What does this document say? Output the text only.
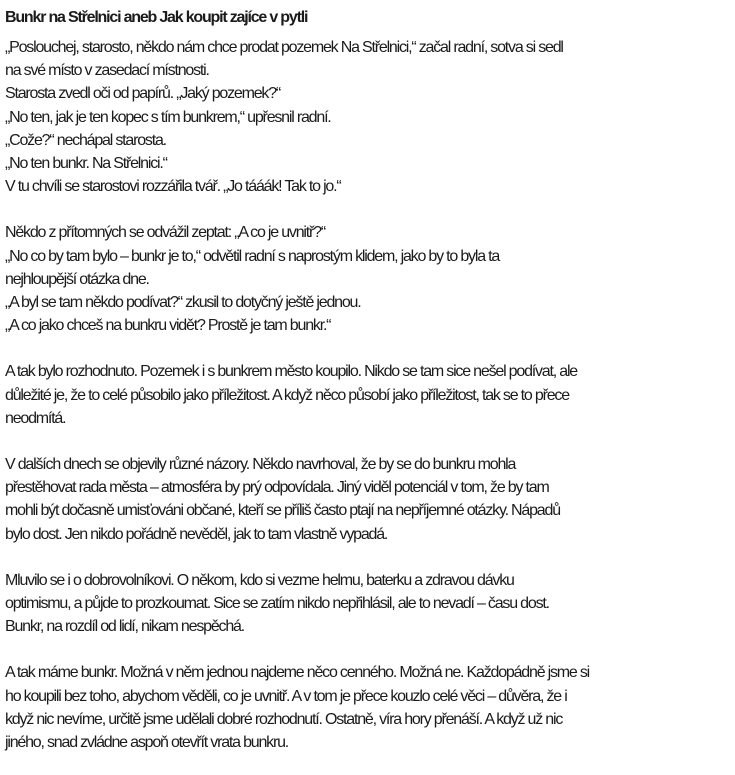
Bunkr na Střelnici aneb Jak koupit zajíce v pytli
„Poslouchej, starosto, někdo nám chce prodat pozemek Na Střelnici,“ začal radní, sotva si sedl
na své místo v zasedací místnosti.
Starosta zvedl oči od papírů. „Jaký pozemek?“
„No ten, jak je ten kopec s tím bunkrem,“ upřesnil radní.
„Cože?“ nechápal starosta.
„No ten bunkr. Na Střelnici.“
V tu chvíli se starostovi rozzářila tvář. „Jo tááák! Tak to jo.“
Někdo z přítomných se odvážil zeptat: „A co je uvnitř?“
„No co by tam bylo – bunkr je to,“ odvětil radní s naprostým klidem, jako by to byla ta
nejhloupější otázka dne.
„A byl se tam někdo podívat?“ zkusil to dotyčný ještě jednou.
„A co jako chceš na bunkru vidět? Prostě je tam bunkr.“
A tak bylo rozhodnuto. Pozemek i s bunkrem město koupilo. Nikdo se tam sice nešel podívat, ale
důležité je, že to celé působilo jako příležitost. A když něco působí jako příležitost, tak se to přece
neodmítá.
V dalších dnech se objevily různé názory. Někdo navrhoval, že by se do bunkru mohla
přestěhovat rada města – atmosféra by prý odpovídala. Jiný viděl potenciál v tom, že by tam
mohli být dočasně umisťováni občané, kteří se příliš často ptají na nepříjemné otázky. Nápadů
bylo dost. Jen nikdo pořádně nevěděl, jak to tam vlastně vypadá.
Mluvilo se i o dobrovolníkovi. O někom, kdo si vezme helmu, baterku a zdravou dávku
optimismu, a půjde to prozkoumat. Sice se zatím nikdo nepřihlásil, ale to nevadí – času dost.
Bunkr, na rozdíl od lidí, nikam nespěchá.
A tak máme bunkr. Možná v něm jednou najdeme něco cenného. Možná ne. Každopádně jsme si
ho koupili bez toho, abychom věděli, co je uvnitř. A v tom je přece kouzlo celé věci – důvěra, že i
když nic nevíme, určitě jsme udělali dobré rozhodnutí. Ostatně, víra hory přenáší. A když už nic
jiného, snad zvládne aspoň otevřít vrata bunkru.
